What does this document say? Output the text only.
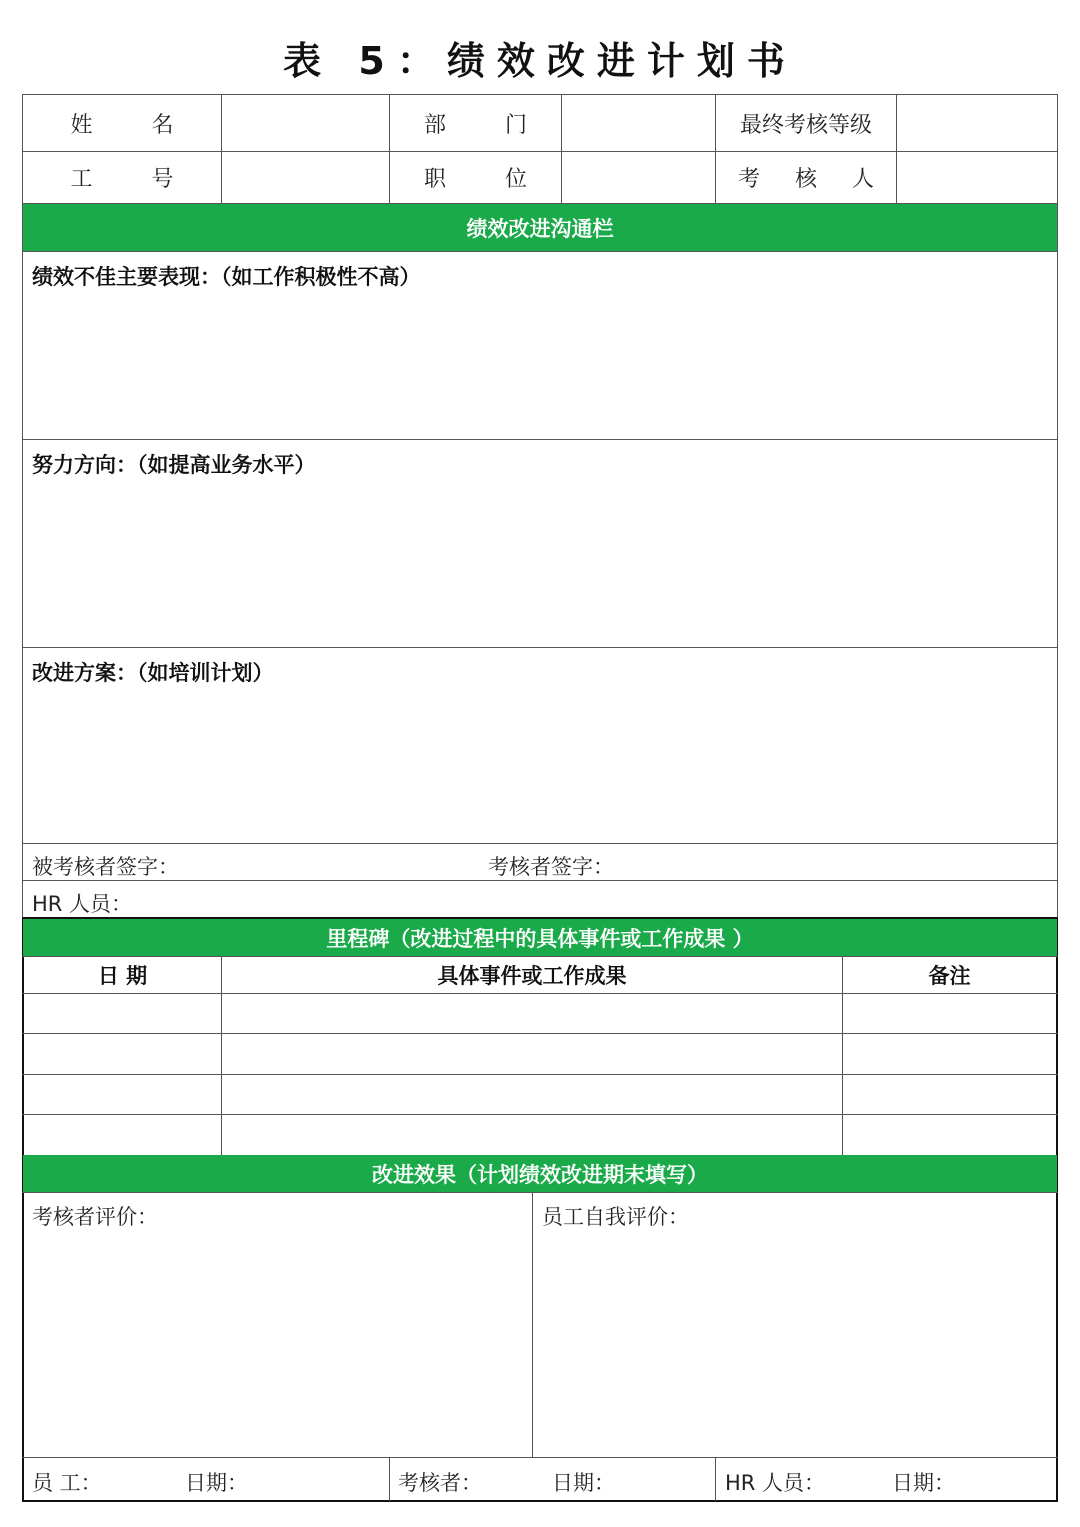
表 5：绩效改进计划书
姓 名	部 门	最终考核等级
工 号	职 位	考 核 人
绩效改进沟通栏
绩效不佳主要表现：（如工作积极性不高）
努力方向：（如提高业务水平）
改进方案：（如培训计划）
被考核者签字：	考核者签字：
HR 人员：
里程碑（改进过程中的具体事件或工作成果 ）
日 期	具体事件或工作成果	备注
改进效果（计划绩效改进期末填写）
考核者评价：	员工自我评价：
员 工：	日期：	考核者：	日期：	HR 人员：	日期：
